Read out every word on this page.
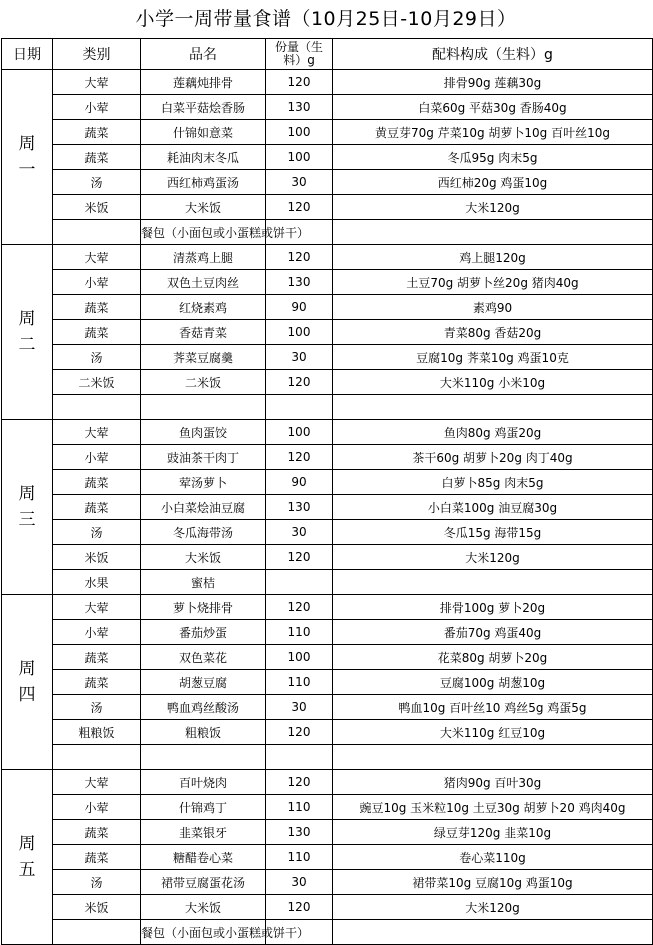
小学一周带量食谱（10月25日-10月29日）
日期	类别	品名	份量（生料）g	配料构成（生料）g

周
一	大荤	莲藕炖排骨	120	排骨90g 莲藕30g
	小荤	白菜平菇烩香肠	130	白菜60g 平菇30g 香肠40g
	蔬菜	什锦如意菜	100	黄豆芽70g 芹菜10g 胡萝卜10g 百叶丝10g
	蔬菜	耗油肉末冬瓜	100	冬瓜95g 肉末5g
	汤	西红柿鸡蛋汤	30	西红柿20g 鸡蛋10g
	米饭	大米饭	120	大米120g
		餐包（小面包或小蛋糕或饼干）		

周
二	大荤	清蒸鸡上腿	120	鸡上腿120g
	小荤	双色土豆肉丝	130	土豆70g 胡萝卜丝20g 猪肉40g
	蔬菜	红烧素鸡	90	素鸡90
	蔬菜	香菇青菜	100	青菜80g 香菇20g
	汤	荠菜豆腐羹	30	豆腐10g 荠菜10g 鸡蛋10克
	二米饭	二米饭	120	大米110g 小米10g

周
三	大荤	鱼肉蛋饺	100	鱼肉80g 鸡蛋20g
	小荤	豉油茶干肉丁	120	茶干60g 胡萝卜20g 肉丁40g
	蔬菜	荤汤萝卜	90	白萝卜85g 肉末5g
	蔬菜	小白菜烩油豆腐	130	小白菜100g 油豆腐30g
	汤	冬瓜海带汤	30	冬瓜15g 海带15g
	米饭	大米饭	120	大米120g
	水果	蜜桔		

周
四	大荤	萝卜烧排骨	120	排骨100g 萝卜20g
	小荤	番茄炒蛋	110	番茄70g 鸡蛋40g
	蔬菜	双色菜花	100	花菜80g 胡萝卜20g
	蔬菜	胡葱豆腐	110	豆腐100g 胡葱10g
	汤	鸭血鸡丝酸汤	30	鸭血10g 百叶丝10 鸡丝5g 鸡蛋5g
	粗粮饭	粗粮饭	120	大米110g 红豆10g

周
五	大荤	百叶烧肉	120	猪肉90g 百叶30g
	小荤	什锦鸡丁	110	豌豆10g 玉米粒10g 土豆30g 胡萝卜20 鸡肉40g
	蔬菜	韭菜银牙	130	绿豆芽120g 韭菜10g
	蔬菜	糖醋卷心菜	110	卷心菜110g
	汤	裙带豆腐蛋花汤	30	裙带菜10g 豆腐10g 鸡蛋10g
	米饭	大米饭	120	大米120g
		餐包（小面包或小蛋糕或饼干）		
